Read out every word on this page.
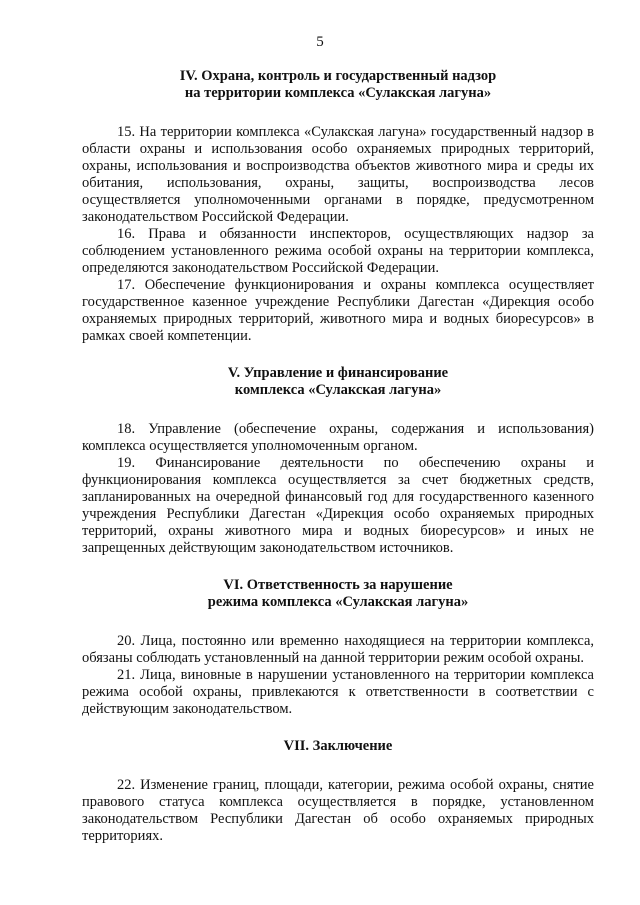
5
IV. Охрана, контроль и государственный надзор
на территории комплекса «Сулакская лагуна»

15. На территории комплекса «Сулакская лагуна» государственный надзор в области охраны и использования особо охраняемых природных территорий, охраны, использования и воспроизводства объектов животного мира и среды их обитания, использования, охраны, защиты, воспроизводства лесов осуществляется уполномоченными органами в порядке, предусмотренном законодательством Российской Федерации.

16. Права и обязанности инспекторов, осуществляющих надзор за соблюдением установленного режима особой охраны на территории комплекса, определяются законодательством Российской Федерации.

17. Обеспечение функционирования и охраны комплекса осуществляет государственное казенное учреждение Республики Дагестан «Дирекция особо охраняемых природных территорий, животного мира и водных биоресурсов» в рамках своей компетенции.

V. Управление и финансирование
комплекса «Сулакская лагуна»

18. Управление (обеспечение охраны, содержания и использования) комплекса осуществляется уполномоченным органом.

19. Финансирование деятельности по обеспечению охраны и функционирования комплекса осуществляется за счет бюджетных средств, запланированных на очередной финансовый год для государственного казенного учреждения Республики Дагестан «Дирекция особо охраняемых природных территорий, охраны животного мира и водных биоресурсов» и иных не запрещенных действующим законодательством источников.

VI. Ответственность за нарушение
режима комплекса «Сулакская лагуна»

20. Лица, постоянно или временно находящиеся на территории комплекса, обязаны соблюдать установленный на данной территории режим особой охраны.

21. Лица, виновные в нарушении установленного на территории комплекса режима особой охраны, привлекаются к ответственности в соответствии с действующим законодательством.

VII. Заключение

22. Изменение границ, площади, категории, режима особой охраны, снятие правового статуса комплекса осуществляется в порядке, установленном законодательством Республики Дагестан об особо охраняемых природных территориях.
